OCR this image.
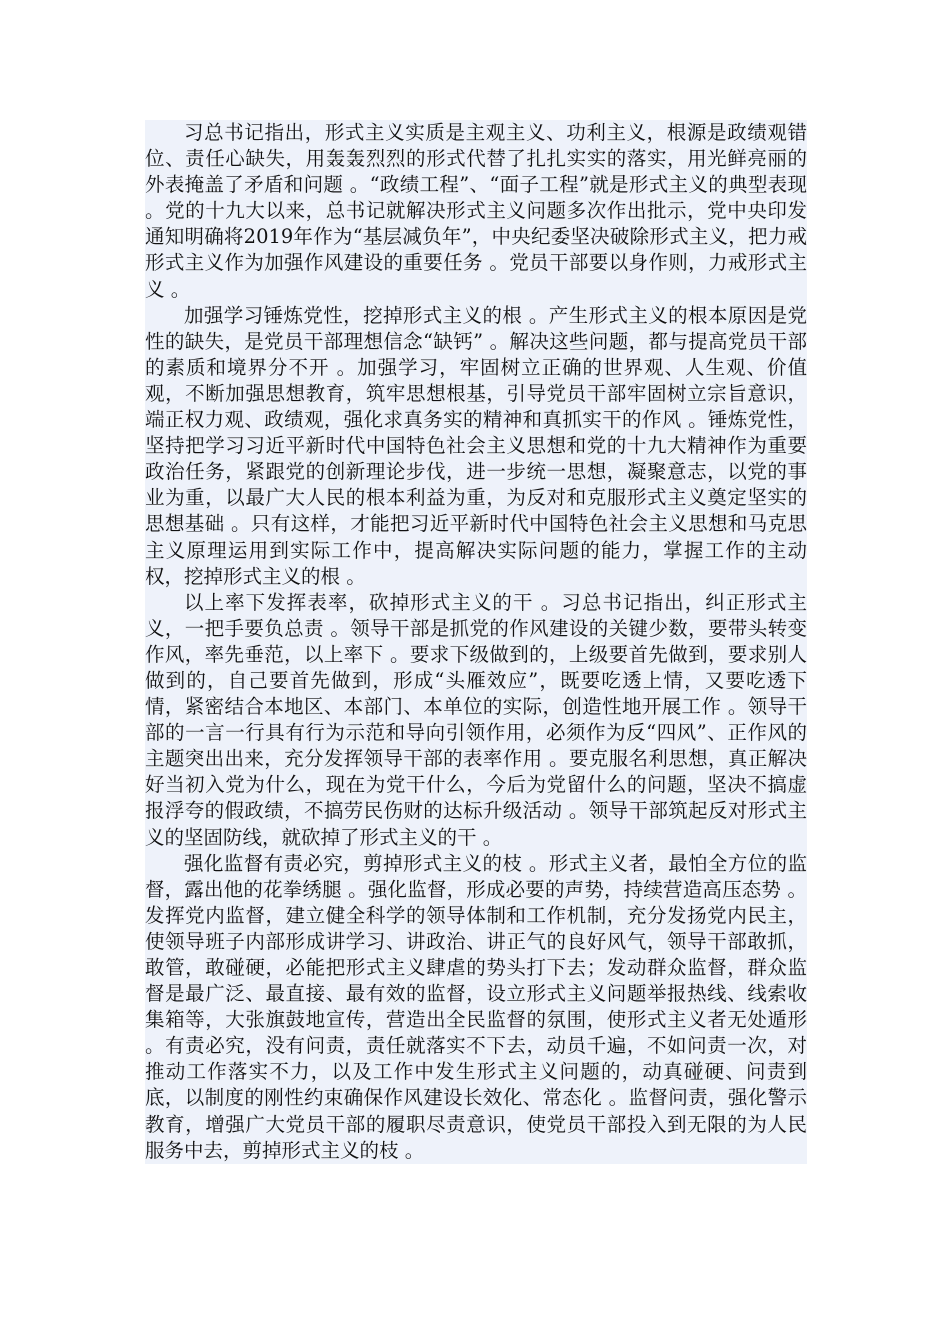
习总书记指出，形式主义实质是主观主义、功利主义，根源是政绩观错位、责任心缺失，用轰轰烈烈的形式代替了扎扎实实的落实，用光鲜亮丽的外表掩盖了矛盾和问题 。“政绩工程”、“面子工程”就是形式主义的典型表现 。党的十九大以来，总书记就解决形式主义问题多次作出批示，党中央印发通知明确将2019年作为“基层减负年”，中央纪委坚决破除形式主义，把力戒形式主义作为加强作风建设的重要任务 。党员干部要以身作则，力戒形式主义 。

加强学习锤炼党性，挖掉形式主义的根 。产生形式主义的根本原因是党性的缺失，是党员干部理想信念“缺钙” 。解决这些问题，都与提高党员干部的素质和境界分不开 。加强学习，牢固树立正确的世界观、人生观、价值观，不断加强思想教育，筑牢思想根基，引导党员干部牢固树立宗旨意识，端正权力观、政绩观，强化求真务实的精神和真抓实干的作风 。锤炼党性，坚持把学习习近平新时代中国特色社会主义思想和党的十九大精神作为重要政治任务，紧跟党的创新理论步伐，进一步统一思想，凝聚意志，以党的事业为重，以最广大人民的根本利益为重，为反对和克服形式主义奠定坚实的思想基础 。只有这样，才能把习近平新时代中国特色社会主义思想和马克思主义原理运用到实际工作中，提高解决实际问题的能力，掌握工作的主动权，挖掉形式主义的根 。

以上率下发挥表率，砍掉形式主义的干 。习总书记指出，纠正形式主义，一把手要负总责 。领导干部是抓党的作风建设的关键少数，要带头转变作风，率先垂范，以上率下 。要求下级做到的，上级要首先做到，要求别人做到的，自己要首先做到，形成“头雁效应”，既要吃透上情，又要吃透下情，紧密结合本地区、本部门、本单位的实际，创造性地开展工作 。领导干部的一言一行具有行为示范和导向引领作用，必须作为反“四风”、正作风的主题突出出来，充分发挥领导干部的表率作用 。要克服名利思想，真正解决好当初入党为什么，现在为党干什么，今后为党留什么的问题，坚决不搞虚报浮夸的假政绩，不搞劳民伤财的达标升级活动 。领导干部筑起反对形式主义的坚固防线，就砍掉了形式主义的干 。

强化监督有责必究，剪掉形式主义的枝 。形式主义者，最怕全方位的监督，露出他的花拳绣腿 。强化监督，形成必要的声势，持续营造高压态势 。发挥党内监督，建立健全科学的领导体制和工作机制，充分发扬党内民主，使领导班子内部形成讲学习、讲政治、讲正气的良好风气，领导干部敢抓，敢管，敢碰硬，必能把形式主义肆虐的势头打下去；发动群众监督，群众监督是最广泛、最直接、最有效的监督，设立形式主义问题举报热线、线索收集箱等，大张旗鼓地宣传，营造出全民监督的氛围，使形式主义者无处遁形 。有责必究，没有问责，责任就落实不下去，动员千遍，不如问责一次，对推动工作落实不力，以及工作中发生形式主义问题的，动真碰硬、问责到底，以制度的刚性约束确保作风建设长效化、常态化 。监督问责，强化警示教育，增强广大党员干部的履职尽责意识，使党员干部投入到无限的为人民服务中去，剪掉形式主义的枝 。
